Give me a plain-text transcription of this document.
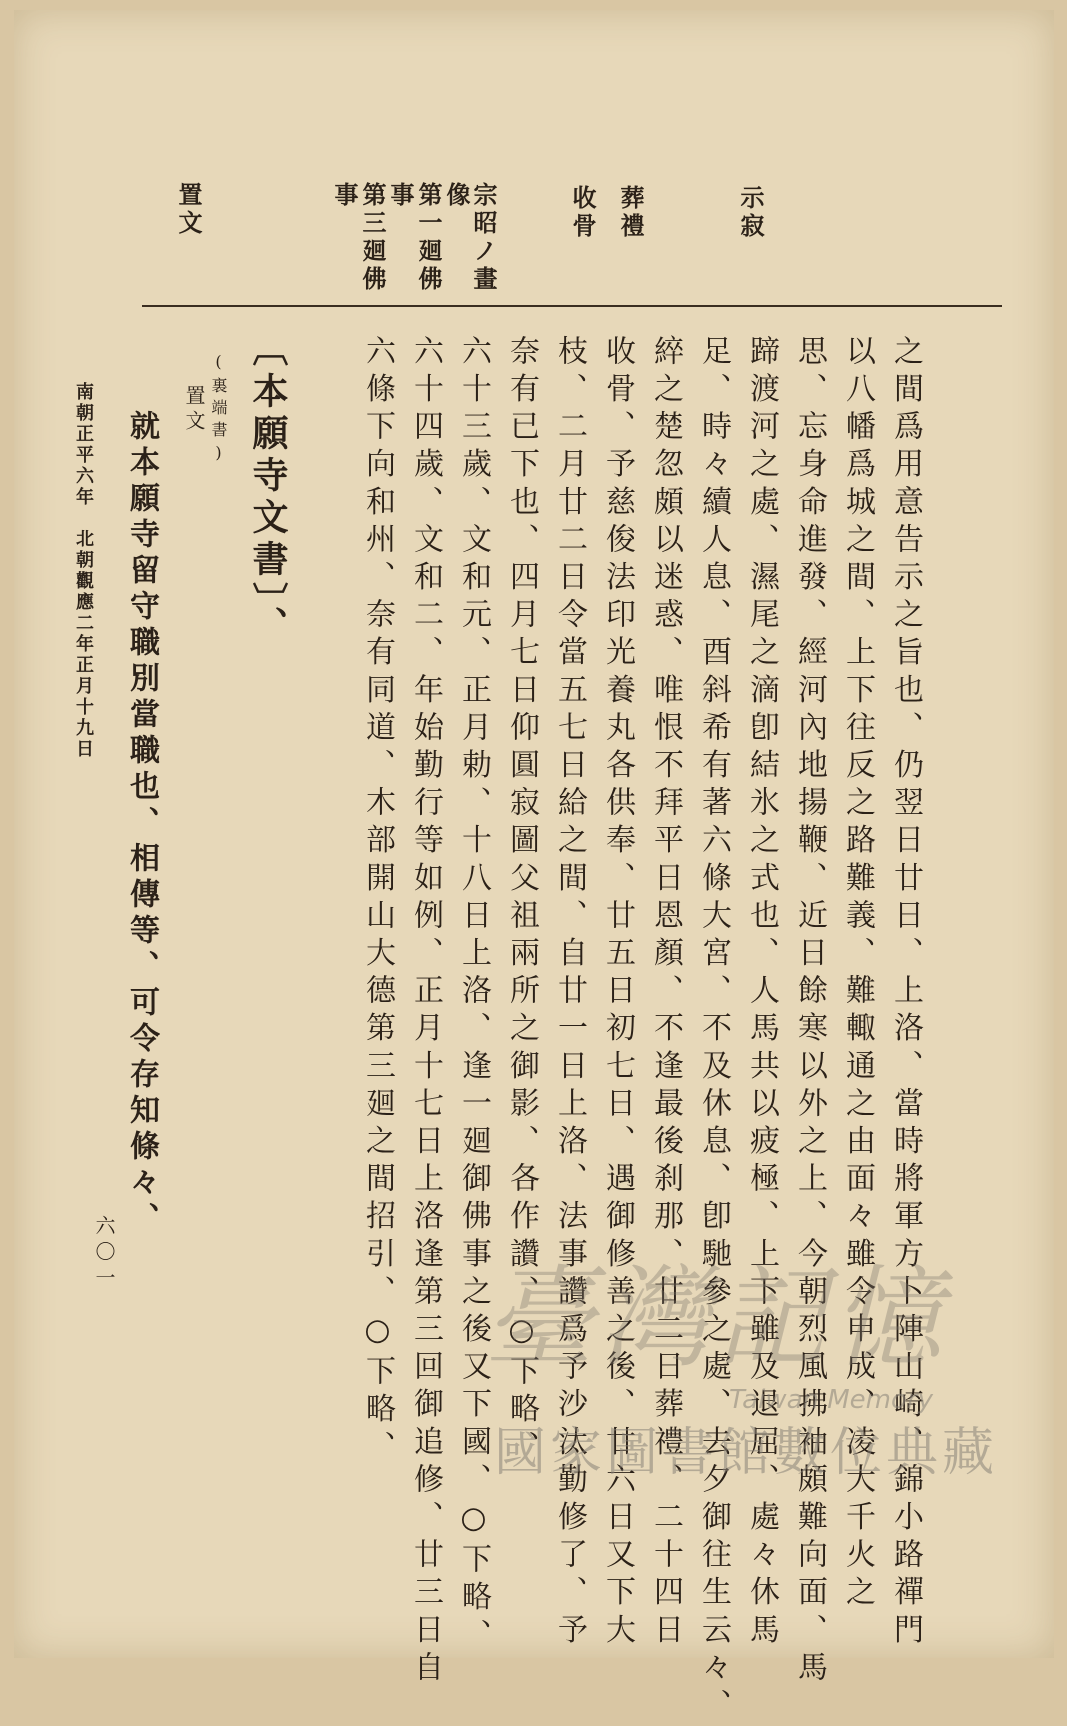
示寂
葬禮
收骨
宗昭ノ畫
像
第一廻佛
事
第三廻佛
事
置文
之間爲用意告示之旨也、仍翌日廿日、上洛、當時將軍方卜陣山崎、錦小路禪門
以八幡爲城之間、上下往反之路難義、難輙通之由面々雖令申成、凌大千火之
思、忘身命進發、經河內地揚鞭、近日餘寒以外之上、今朝烈風拂袖頗難向面、馬
蹄渡河之處、濕尾之滴卽結氷之式也、人馬共以疲極、上下雖及退屈、處々休馬
足、時々續人息、酉斜希有著六條大宮、不及休息、卽馳參之處、去夕御往生云々、
綷之楚忽頗以迷惑、唯恨不拜平日恩顏、不逢最後刹那、廿二日葬禮、二十四日
收骨、予慈俊法印光養丸各供奉、廿五日初七日、遇御修善之後、廿六日又下大
枝、二月廿二日令當五七日給之間、自廿一日上洛、法事讚爲予沙汰勤修了、予
奈有已下也、四月七日仰圓寂圖父祖兩所之御影、各作讚、○下略、
六十三歲、文和元、正月勅、十八日上洛、逢一廻御佛事之後又下國、○下略、
六十四歲、文和二、年始勤行等如例、正月十七日上洛逢第三回御追修、廿三日自
六條下向和州、奈有同道、木部開山大德第三廻之間招引、○下略、
〔本願寺文書〕、
(裏端書)
置文
就本願寺留守職別當職也、相傳等、可令存知條々、
南朝正平六年　北朝觀應二年正月十九日
六〇一	臺灣記憶
Taiwan Memory
國家圖書館數位典藏
